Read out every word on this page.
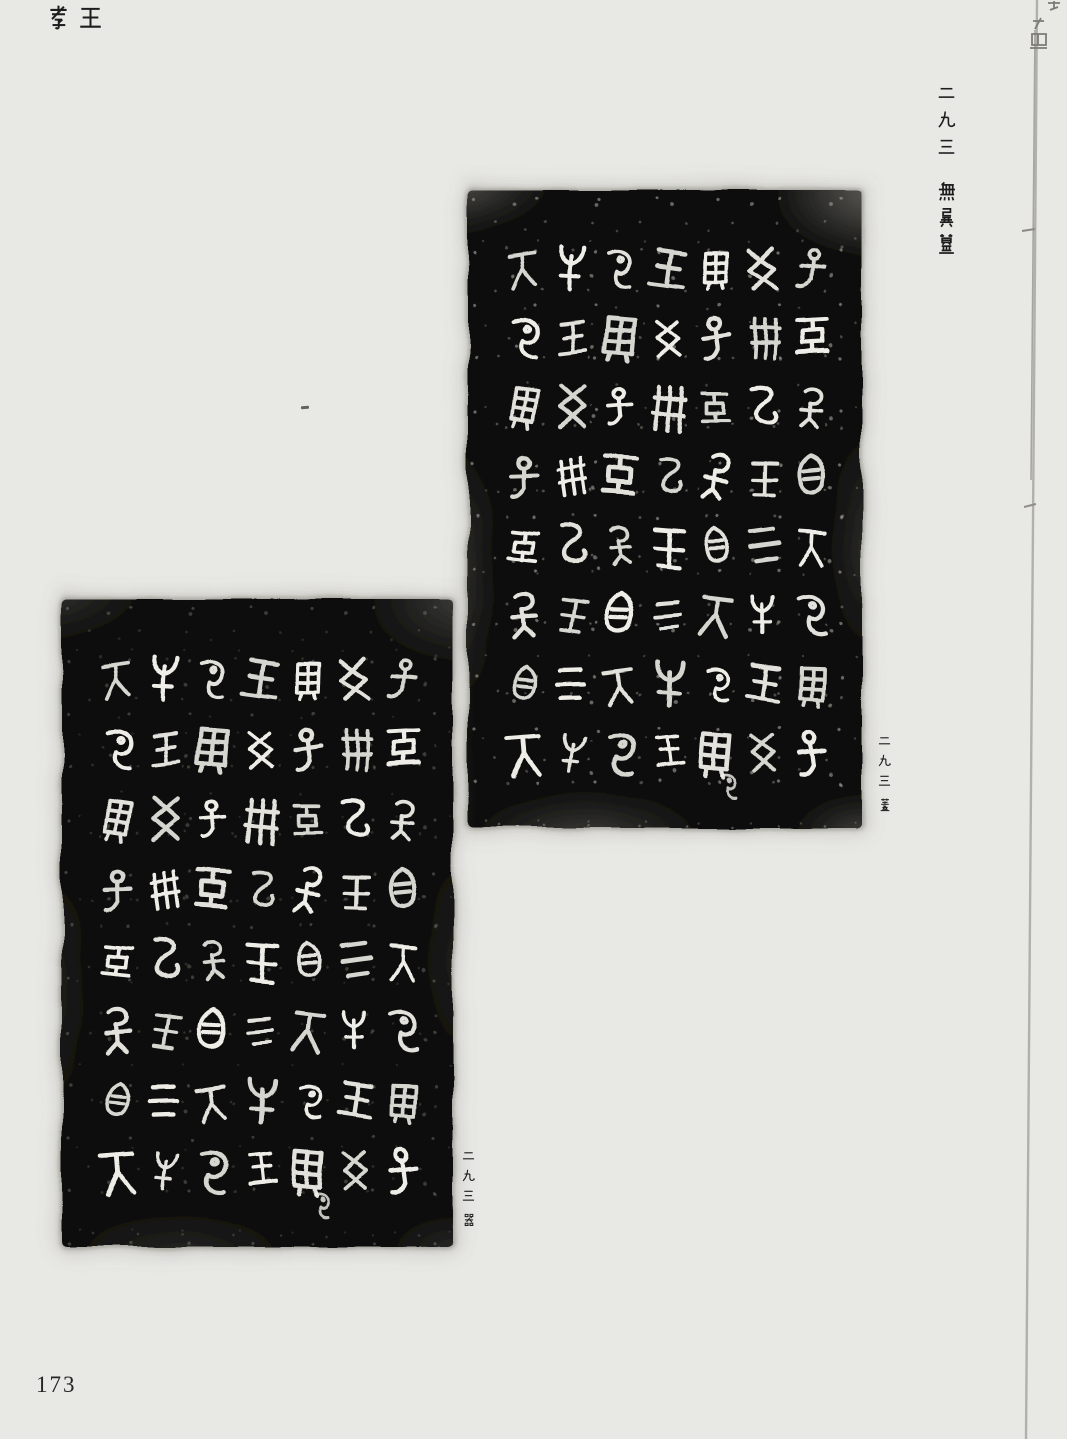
173
